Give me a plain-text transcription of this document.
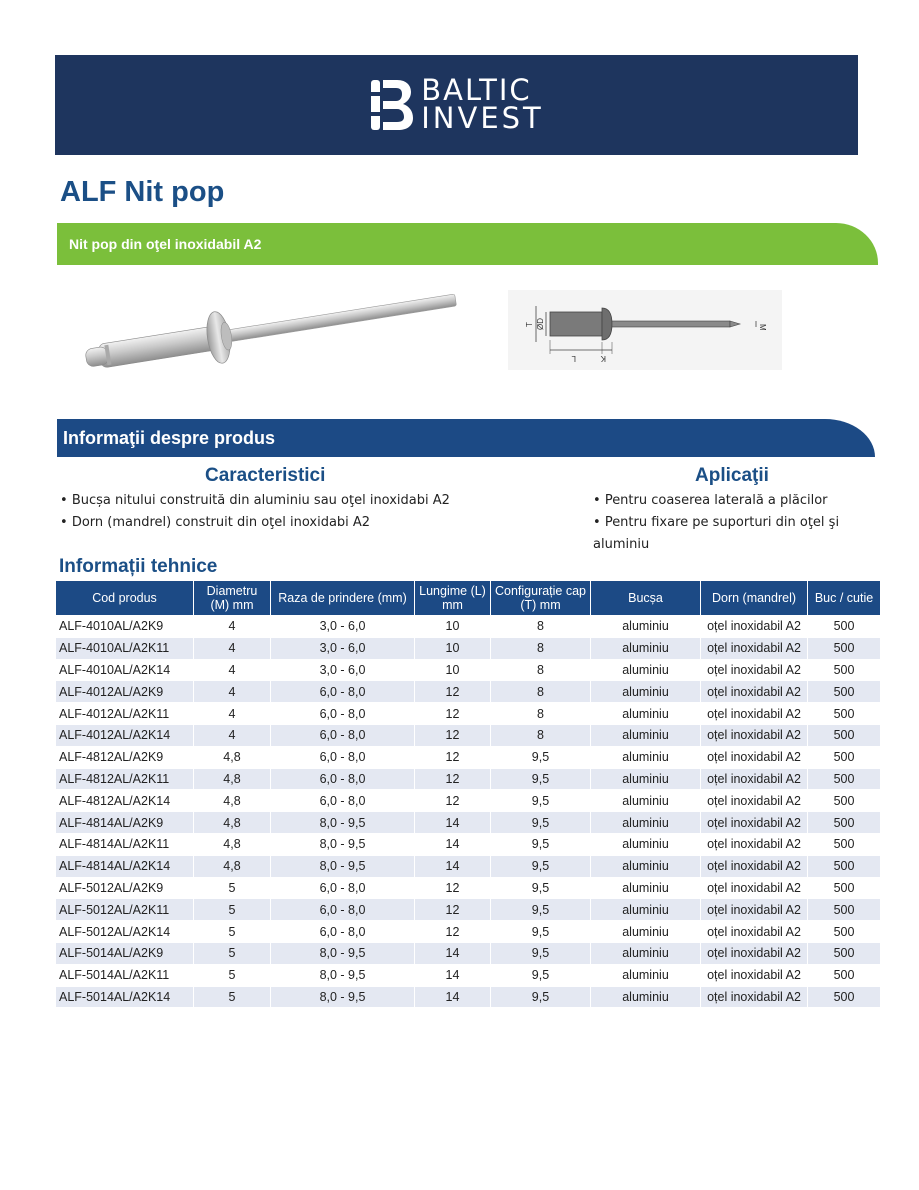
BALTIC
INVEST
ALF Nit pop
Nit pop din oţel inoxidabil A2
T ØD
L	K
M
Informaţii despre produs
Caracteristici
• Bucșa nitului construită din aluminiu sau oţel inoxidabi A2
• Dorn (mandrel) construit din oţel inoxidabi A2
Aplicaţii
• Pentru coaserea laterală a plăcilor
• Pentru fixare pe suporturi din oţel şi
aluminiu
Informații tehnice
Cod produs	Diametru (M) mm	Raza de prindere (mm)	Lungime (L) mm	Configurație cap (T) mm	Bucșa	Dorn (mandrel)	Buc / cutie
ALF-4010AL/A2K9	4	3,0 - 6,0	10	8	aluminiu	oțel inoxidabil A2	500
ALF-4010AL/A2K11	4	3,0 - 6,0	10	8	aluminiu	oțel inoxidabil A2	500
ALF-4010AL/A2K14	4	3,0 - 6,0	10	8	aluminiu	oțel inoxidabil A2	500
ALF-4012AL/A2K9	4	6,0 - 8,0	12	8	aluminiu	oțel inoxidabil A2	500
ALF-4012AL/A2K11	4	6,0 - 8,0	12	8	aluminiu	oțel inoxidabil A2	500
ALF-4012AL/A2K14	4	6,0 - 8,0	12	8	aluminiu	oțel inoxidabil A2	500
ALF-4812AL/A2K9	4,8	6,0 - 8,0	12	9,5	aluminiu	oțel inoxidabil A2	500
ALF-4812AL/A2K11	4,8	6,0 - 8,0	12	9,5	aluminiu	oțel inoxidabil A2	500
ALF-4812AL/A2K14	4,8	6,0 - 8,0	12	9,5	aluminiu	oțel inoxidabil A2	500
ALF-4814AL/A2K9	4,8	8,0 - 9,5	14	9,5	aluminiu	oțel inoxidabil A2	500
ALF-4814AL/A2K11	4,8	8,0 - 9,5	14	9,5	aluminiu	oțel inoxidabil A2	500
ALF-4814AL/A2K14	4,8	8,0 - 9,5	14	9,5	aluminiu	oțel inoxidabil A2	500
ALF-5012AL/A2K9	5	6,0 - 8,0	12	9,5	aluminiu	oțel inoxidabil A2	500
ALF-5012AL/A2K11	5	6,0 - 8,0	12	9,5	aluminiu	oțel inoxidabil A2	500
ALF-5012AL/A2K14	5	6,0 - 8,0	12	9,5	aluminiu	oțel inoxidabil A2	500
ALF-5014AL/A2K9	5	8,0 - 9,5	14	9,5	aluminiu	oțel inoxidabil A2	500
ALF-5014AL/A2K11	5	8,0 - 9,5	14	9,5	aluminiu	oțel inoxidabil A2	500
ALF-5014AL/A2K14	5	8,0 - 9,5	14	9,5	aluminiu	oțel inoxidabil A2	500
